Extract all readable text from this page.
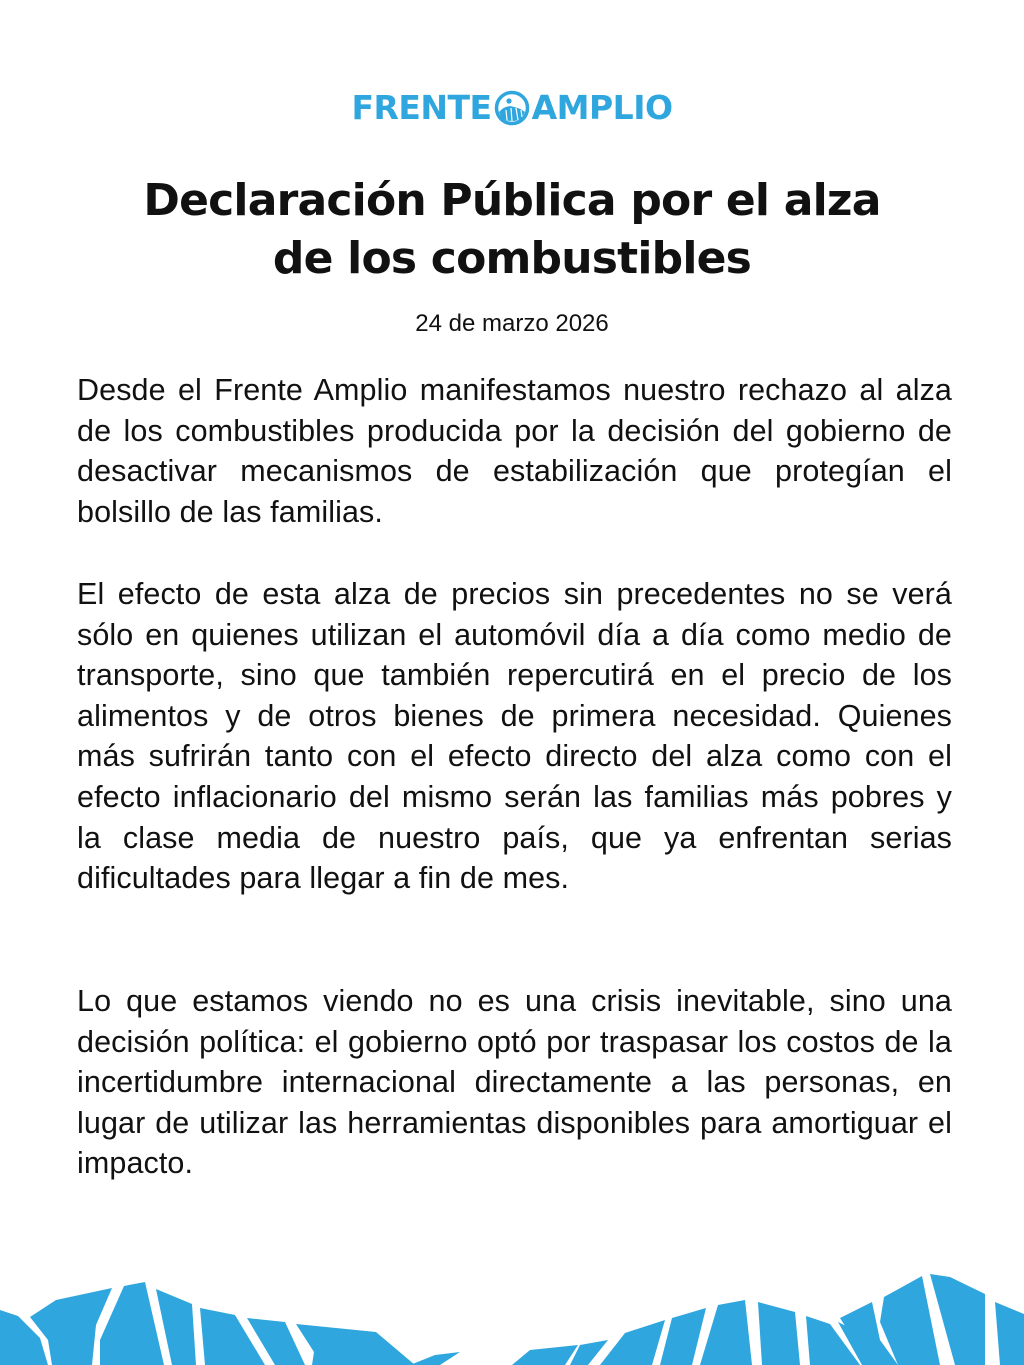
FRENTE AMPLIO
Declaración Pública por el alza
de los combustibles
24 de marzo 2026

Desde el Frente Amplio manifestamos nuestro rechazo al alza de los combustibles producida por la decisión del gobierno de desactivar mecanismos de estabilización que protegían el bolsillo de las familias.

El efecto de esta alza de precios sin precedentes no se verá sólo en quienes utilizan el automóvil día a día como medio de transporte, sino que también repercutirá en el precio de los alimentos y de otros bienes de primera necesidad. Quienes más sufrirán tanto con el efecto directo del alza como con el efecto inflacionario del mismo serán las familias más pobres y la clase media de nuestro país, que ya enfrentan serias dificultades para llegar a fin de mes.

Lo que estamos viendo no es una crisis inevitable, sino una decisión política: el gobierno optó por traspasar los costos de la incertidumbre internacional directamente a las personas, en lugar de utilizar las herramientas disponibles para amortiguar el impacto.
